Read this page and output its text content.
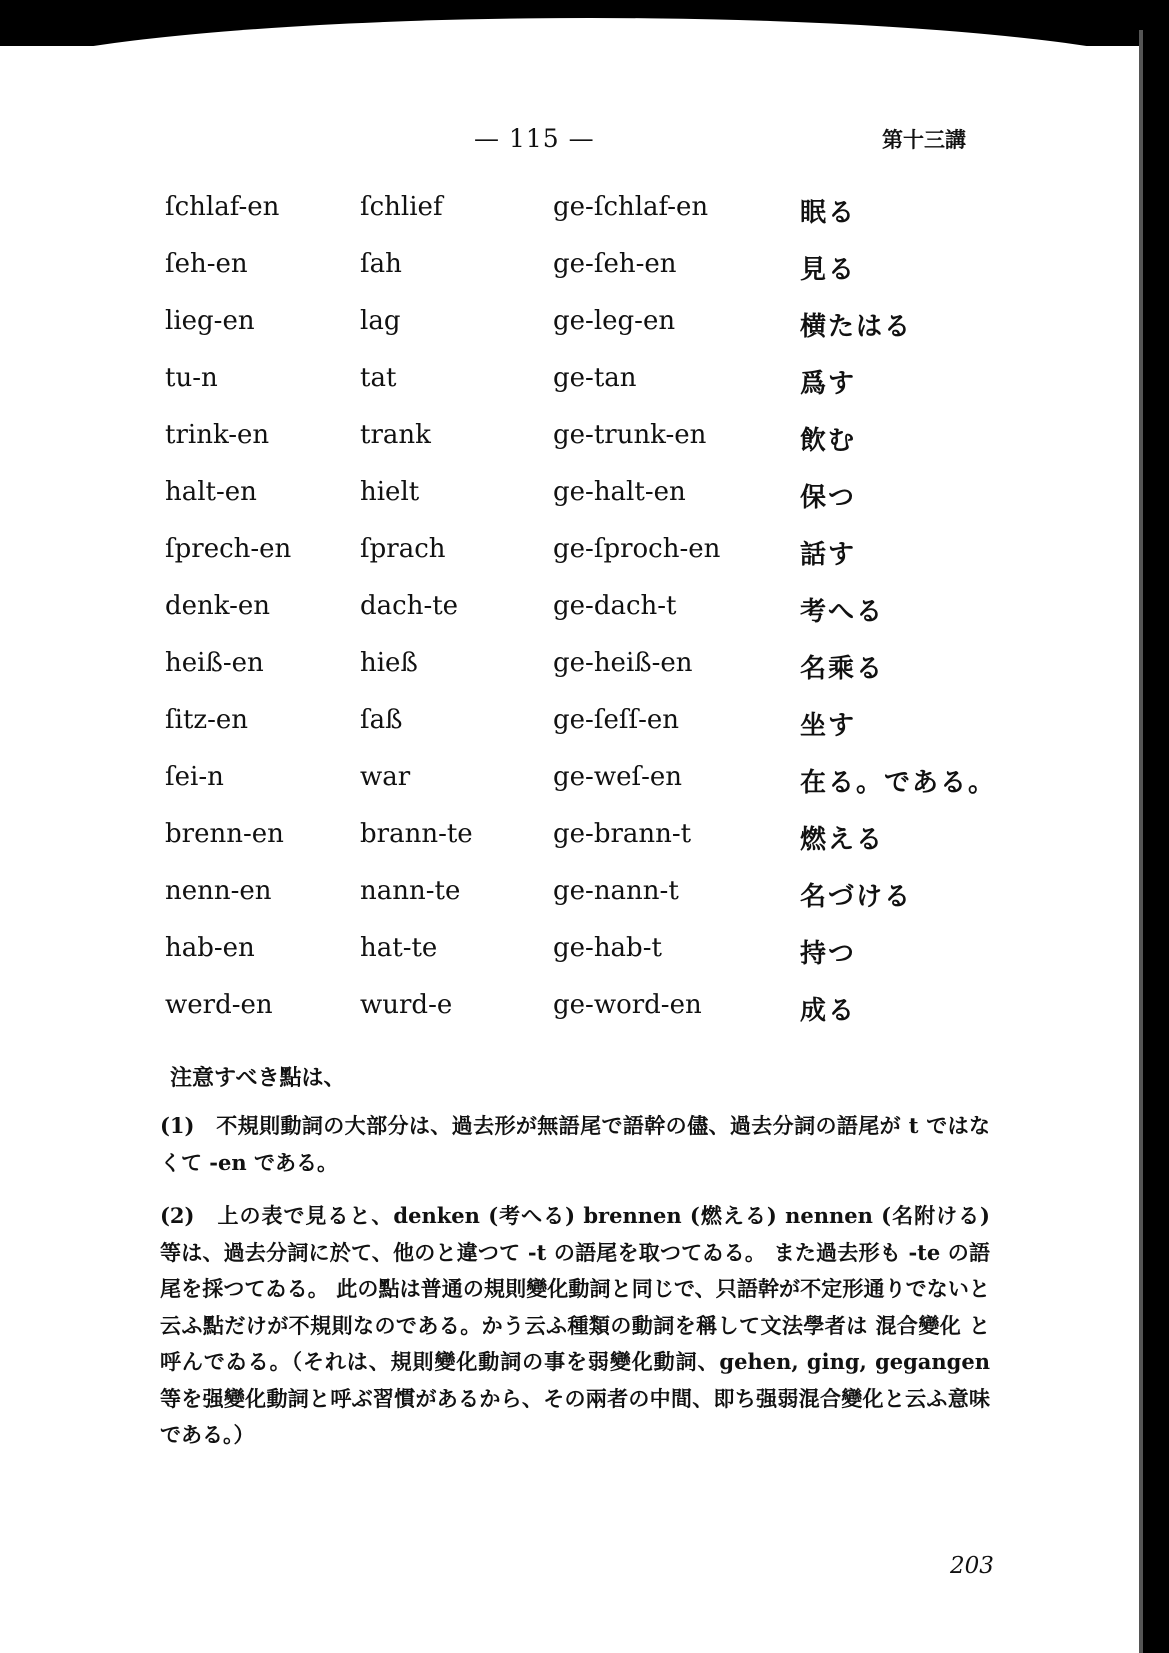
— 115 —	第十三講
ſchlaf-en	ſchlief	ge-ſchlaf-en	眠る
ſeh-en	ſah	ge-ſeh-en	見る
lieg-en	lag	ge-leg-en	横たはる
tu-n	tat	ge-tan	爲す
trink-en	trank	ge-trunk-en	飲む
halt-en	hielt	ge-halt-en	保つ
ſprech-en	ſprach	ge-ſproch-en	話す
denk-en	dach-te	ge-dach-t	考へる
heiß-en	hieß	ge-heiß-en	名乘る
ſitz-en	ſaß	ge-ſeſſ-en	坐す
ſei-n	war	ge-weſ-en	在る。である。
brenn-en	brann-te	ge-brann-t	燃える
nenn-en	nann-te	ge-nann-t	名づける
hab-en	hat-te	ge-hab-t	持つ
werd-en	wurd-e	ge-word-en	成る
注意すべき點は、
(1)　不規則動詞の大部分は、過去形が無語尾で語幹の儘、過去分詞の語尾が t ではなくて -en である。
(2)　上の表で見ると、denken (考へる) brennen (燃える) nennen (名附ける) 等は、過去分詞に於て、他のと違つて -t の語尾を取つてゐる。 また過去形も -te の語尾を採つてゐる。 此の點は普通の規則變化動詞と同じで、只語幹が不定形通りでないと云ふ點だけが不規則なのである。かう云ふ種類の動詞を稱して文法學者は 混合變化 と呼んでゐる。（それは、規則變化動詞の事を弱變化動詞、gehen, ging, gegangen 等を强變化動詞と呼ぶ習慣があるから、その兩者の中間、即ち强弱混合變化と云ふ意味である。）
203
